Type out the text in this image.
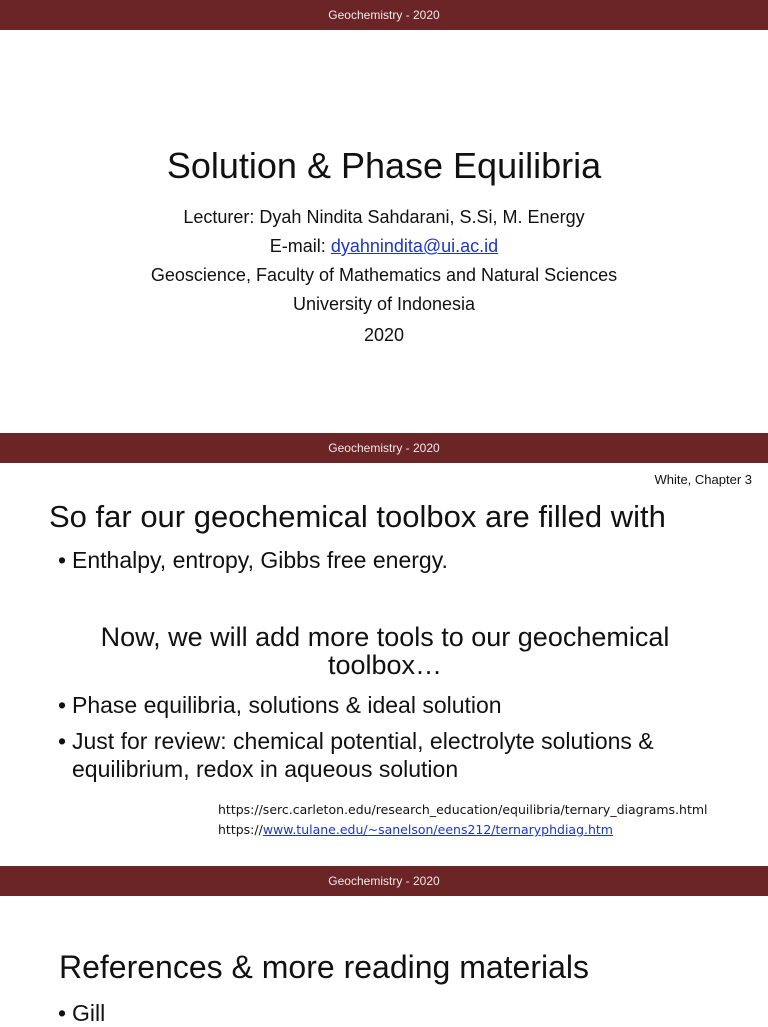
Geochemistry - 2020
Solution & Phase Equilibria
Lecturer: Dyah Nindita Sahdarani, S.Si, M. Energy
E-mail: dyahnindita@ui.ac.id
Geoscience, Faculty of Mathematics and Natural Sciences
University of Indonesia
2020
Geochemistry - 2020
White, Chapter 3
So far our geochemical toolbox are filled with
• Enthalpy, entropy, Gibbs free energy.
Now, we will add more tools to our geochemical toolbox…
• Phase equilibria, solutions & ideal solution
• Just for review: chemical potential, electrolyte solutions & equilibrium, redox in aqueous solution
https://serc.carleton.edu/research_education/equilibria/ternary_diagrams.html
https://www.tulane.edu/~sanelson/eens212/ternaryphdiag.htm
Geochemistry - 2020
References & more reading materials
• Gill
